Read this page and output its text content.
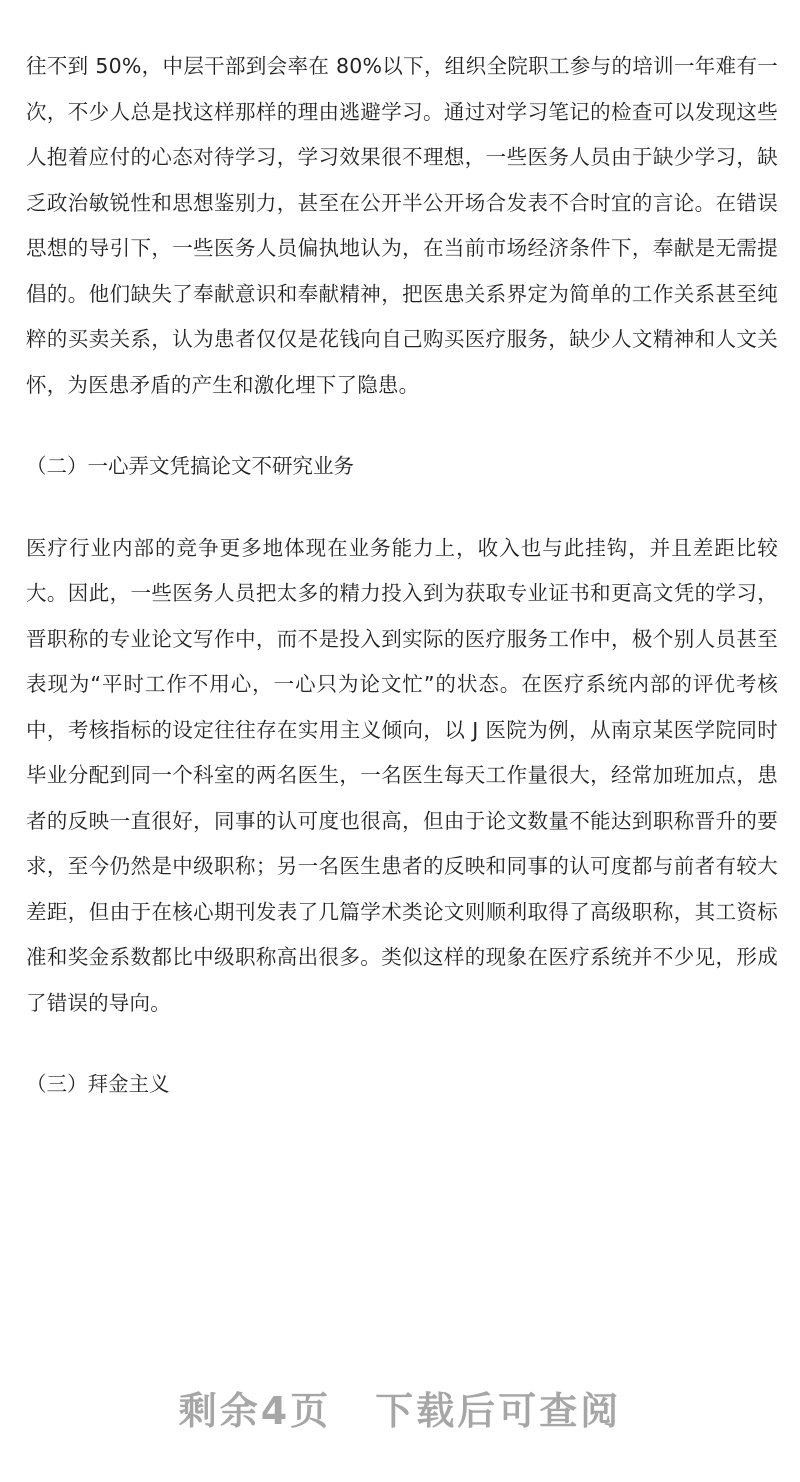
往不到 50%，中层干部到会率在 80%以下，组织全院职工参与的培训一年难有一次，不少人总是找这样那样的理由逃避学习。通过对学习笔记的检查可以发现这些人抱着应付的心态对待学习，学习效果很不理想，一些医务人员由于缺少学习，缺乏政治敏锐性和思想鉴别力，甚至在公开半公开场合发表不合时宜的言论。在错误思想的导引下，一些医务人员偏执地认为，在当前市场经济条件下，奉献是无需提倡的。他们缺失了奉献意识和奉献精神，把医患关系界定为简单的工作关系甚至纯粹的买卖关系，认为患者仅仅是花钱向自己购买医疗服务，缺少人文精神和人文关怀，为医患矛盾的产生和激化埋下了隐患。

（二）一心弄文凭搞论文不研究业务

医疗行业内部的竞争更多地体现在业务能力上，收入也与此挂钩，并且差距比较大。因此，一些医务人员把太多的精力投入到为获取专业证书和更高文凭的学习，晋职称的专业论文写作中，而不是投入到实际的医疗服务工作中，极个别人员甚至表现为“平时工作不用心，一心只为论文忙”的状态。在医疗系统内部的评优考核中，考核指标的设定往往存在实用主义倾向，以 J 医院为例，从南京某医学院同时毕业分配到同一个科室的两名医生，一名医生每天工作量很大，经常加班加点，患者的反映一直很好，同事的认可度也很高，但由于论文数量不能达到职称晋升的要求，至今仍然是中级职称；另一名医生患者的反映和同事的认可度都与前者有较大差距，但由于在核心期刊发表了几篇学术类论文则顺利取得了高级职称，其工资标准和奖金系数都比中级职称高出很多。类似这样的现象在医疗系统并不少见，形成了错误的导向。

（三）拜金主义

剩余4页 下载后可查阅
